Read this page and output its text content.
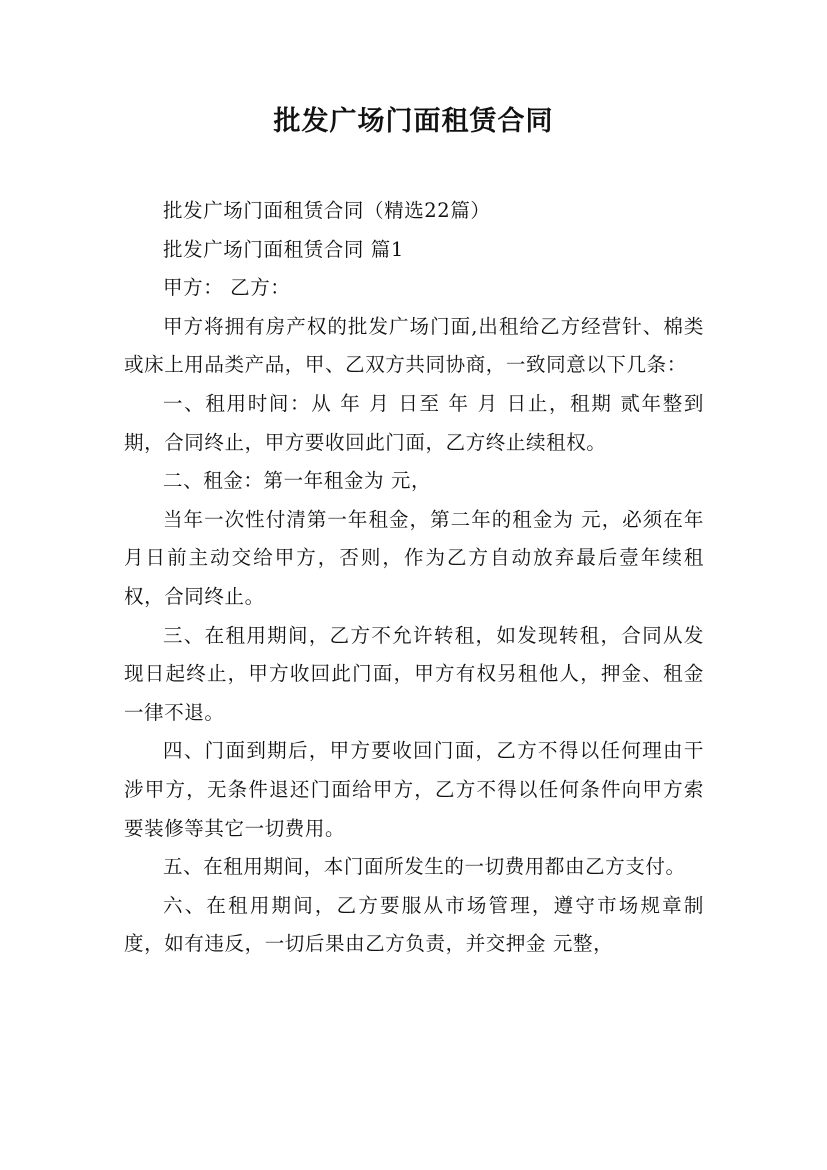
批发广场门面租赁合同

批发广场门面租赁合同（精选22篇）

批发广场门面租赁合同 篇1

甲方： 乙方：

甲方将拥有房产权的批发广场门面,出租给乙方经营针、棉类或床上用品类产品，甲、乙双方共同协商，一致同意以下几条：

一、租用时间：从 年 月 日至 年 月 日止，租期 贰年整到期，合同终止，甲方要收回此门面，乙方终止续租权。

二、租金：第一年租金为 元，

当年一次性付清第一年租金，第二年的租金为 元，必须在年月日前主动交给甲方，否则，作为乙方自动放弃最后壹年续租权，合同终止。

三、在租用期间，乙方不允许转租，如发现转租，合同从发现日起终止，甲方收回此门面，甲方有权另租他人，押金、租金一律不退。

四、门面到期后，甲方要收回门面，乙方不得以任何理由干涉甲方，无条件退还门面给甲方，乙方不得以任何条件向甲方索要装修等其它一切费用。

五、在租用期间，本门面所发生的一切费用都由乙方支付。

六、在租用期间，乙方要服从市场管理，遵守市场规章制度，如有违反，一切后果由乙方负责，并交押金 元整，
